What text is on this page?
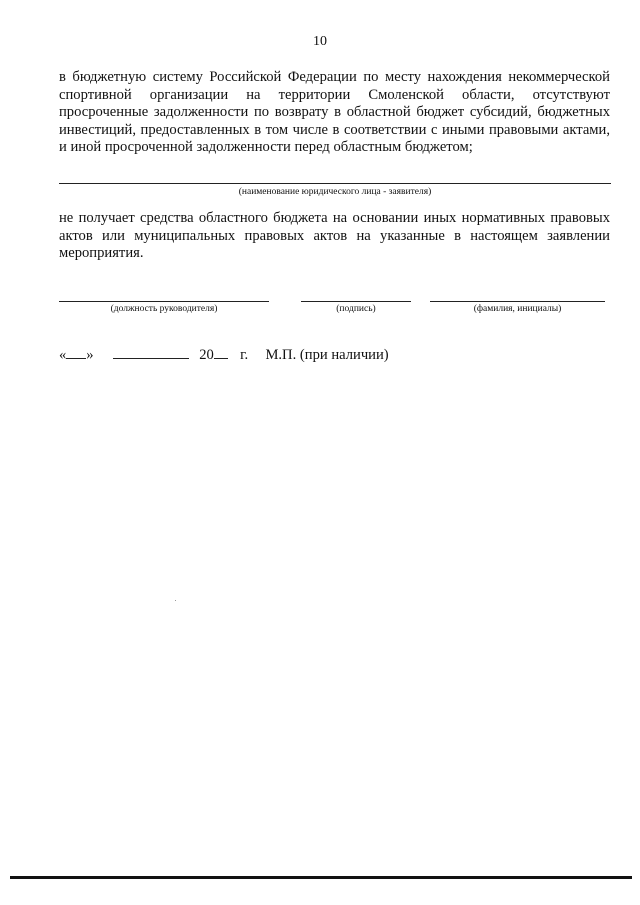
10
в бюджетную систему Российской Федерации по месту нахождения некоммерческой спортивной организации на территории Смоленской области, отсутствуют просроченные задолженности по возврату в областной бюджет субсидий, бюджетных инвестиций, предоставленных в том числе в соответствии с иными правовыми актами, и иной просроченной задолженности перед областным бюджетом;
(наименование юридического лица - заявителя)
не получает средства областного бюджета на основании иных нормативных правовых актов или муниципальных правовых актов на указанные в настоящем заявлении мероприятия.
(должность руководителя)	(подпись)	(фамилия, инициалы)
« »	20 г. М.П. (при наличии)
